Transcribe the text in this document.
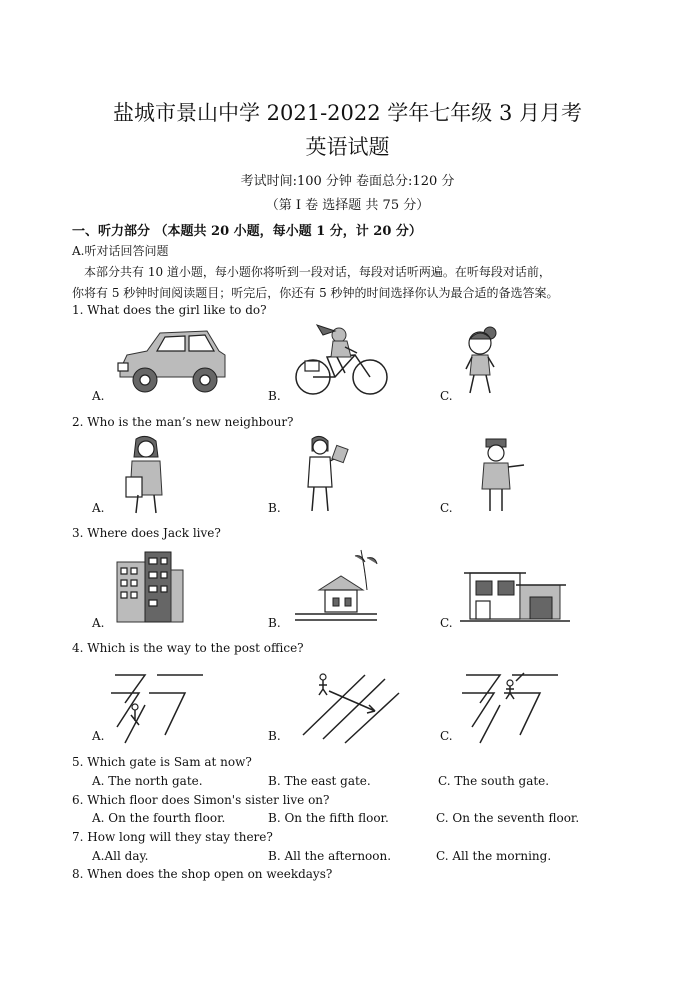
盐城市景山中学 2021-2022 学年七年级 3 月月考
英语试题
考试时间:100 分钟 卷面总分:120 分
（第 I 卷 选择题 共 75 分）
一、听力部分 （本题共 20 小题，每小题 1 分，计 20 分）
A.听对话回答问题
本部分共有 10 道小题，每小题你将听到一段对话，每段对话听两遍。在听每段对话前，
你将有 5 秒钟时间阅读题目；听完后，你还有 5 秒钟的时间选择你认为最合适的备选答案。
1. What does the girl like to do?
A.	B.	C.
2. Who is the man’s new neighbour?
A.	B.	C.
3. Where does Jack live?
A.	B.	C.
4. Which is the way to the post office?
A.	B.	C.
5. Which gate is Sam at now?
A. The north gate.	B. The east gate.	C. The south gate.
6. Which floor does Simon's sister live on?
A. On the fourth floor.	B. On the fifth floor.	C. On the seventh floor.
7. How long will they stay there?
A.All day.	B. All the afternoon.	C. All the morning.
8. When does the shop open on weekdays?
